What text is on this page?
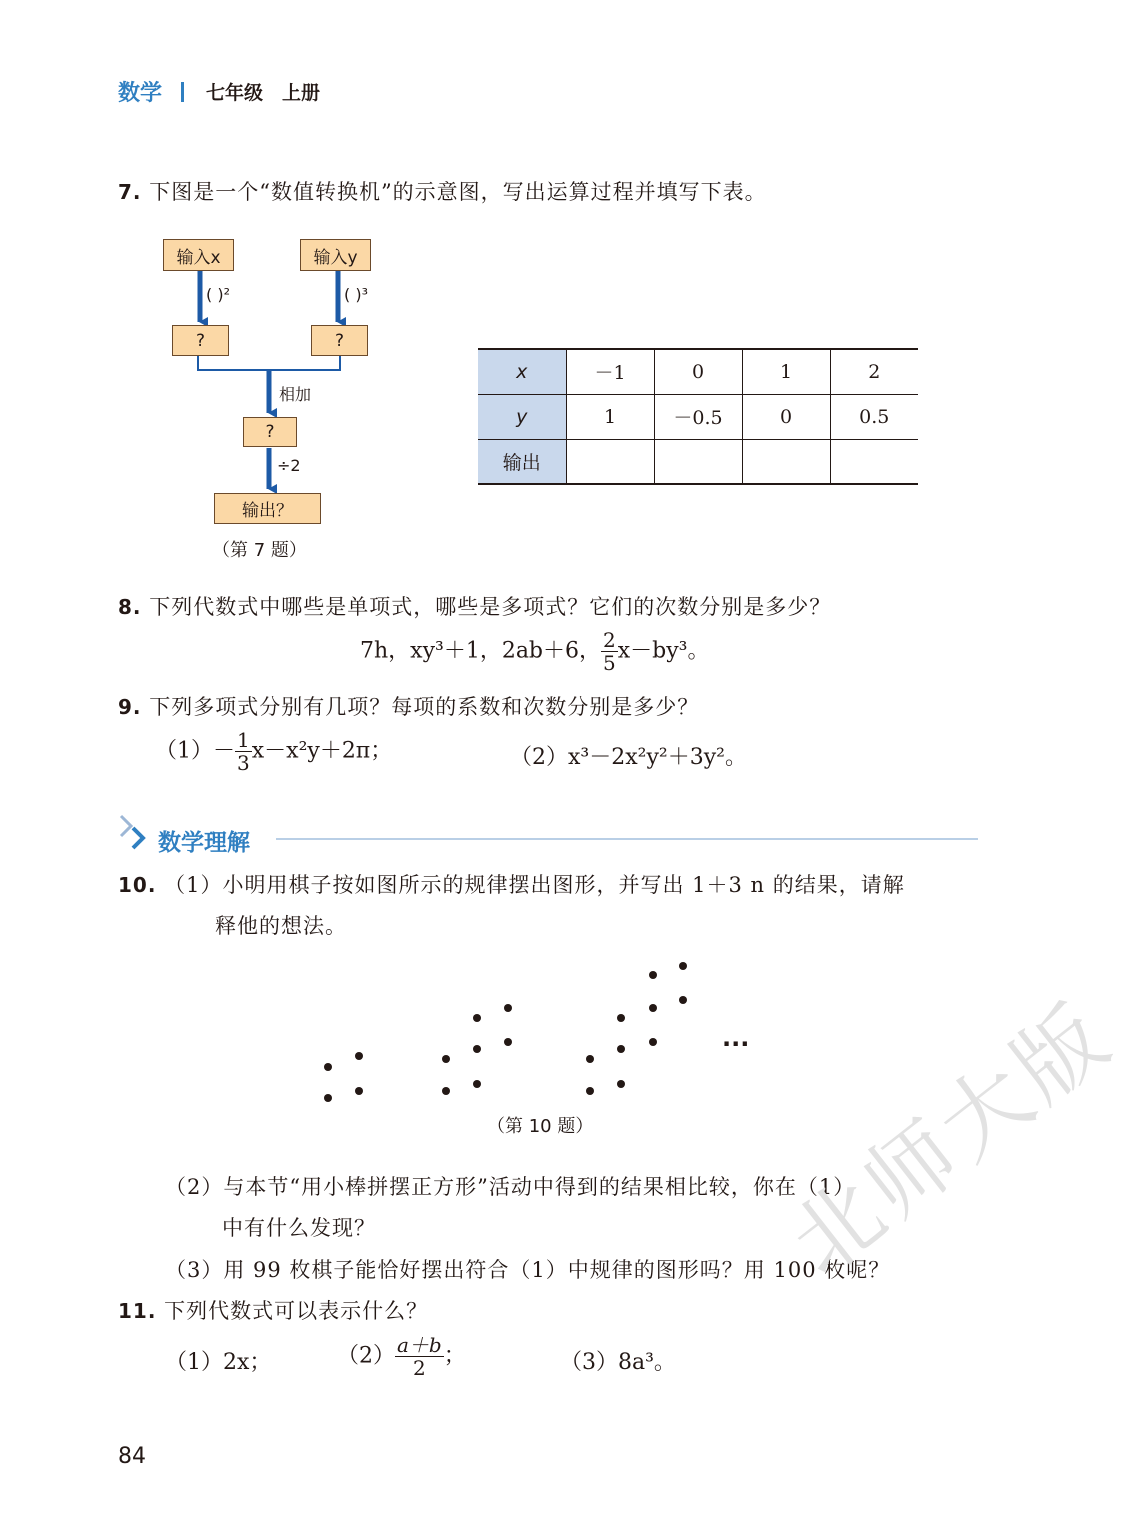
数学 七年级　上册
7. 下图是一个“数值转换机”的示意图，写出运算过程并填写下表。
输入x	输入y
( )²	( )³
?	?
相加
?
÷2
输出？
（第 7 题）
x	－1	0	1	2
y	1	－0.5	0	0.5
输出				
8. 下列代数式中哪些是单项式，哪些是多项式？它们的次数分别是多少？
7h，xy³＋1，2ab＋6， $\frac{2}{5} x-by^3$。
9. 下列多项式分别有几项？每项的系数和次数分别是多少？
$(1)- \frac{1}{3} x-x^2y+2\pi$；	（2）x³－2x²y²＋3y²。
数学理解
10. （1）小明用棋子按如图所示的规律摆出图形，并写出 1＋3 n 的结果，请解
释他的想法。
···
（第 10 题）
（2）与本节“用小棒拼摆正方形”活动中得到的结果相比较，你在（1）
中有什么发现？
（3）用 99 枚棋子能恰好摆出符合（1）中规律的图形吗？用 100 枚呢？
11. 下列代数式可以表示什么？
（1）2x；	$(2) \frac{a+b}{2}$ ；	（3）8a³。
北师大版
84
